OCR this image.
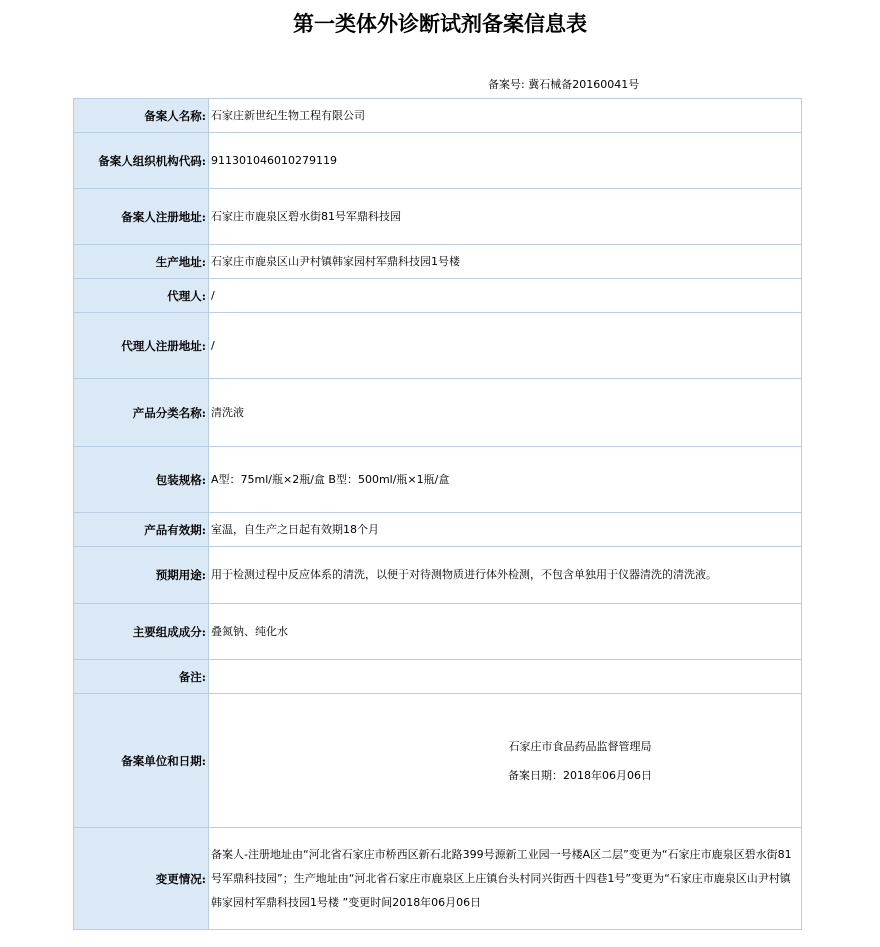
第一类体外诊断试剂备案信息表
备案号: 冀石械备20160041号
备案人名称:	石家庄新世纪生物工程有限公司
备案人组织机构代码:	911301046010279119
备案人注册地址:	石家庄市鹿泉区碧水街81号军鼎科技园
生产地址:	石家庄市鹿泉区山尹村镇韩家园村军鼎科技园1号楼
代理人:	/
代理人注册地址:	/
产品分类名称:	清洗液
包装规格:	A型：75ml/瓶×2瓶/盒 B型：500ml/瓶×1瓶/盒
产品有效期:	室温，自生产之日起有效期18个月
预期用途:	用于检测过程中反应体系的清洗，以便于对待测物质进行体外检测，不包含单独用于仪器清洗的清洗液。
主要组成成分:	叠氮钠、纯化水
备注:	
备案单位和日期:	石家庄市食品药品监督管理局
备案日期：2018年06月06日

变更情况:	备案人-注册地址由“河北省石家庄市桥西区新石北路399号源新工业园一号楼A区二层”变更为“石家庄市鹿泉区碧水街81号军鼎科技园”；生产地址由“河北省石家庄市鹿泉区上庄镇台头村同兴街西十四巷1号”变更为“石家庄市鹿泉区山尹村镇韩家园村军鼎科技园1号楼 ”变更时间2018年06月06日
